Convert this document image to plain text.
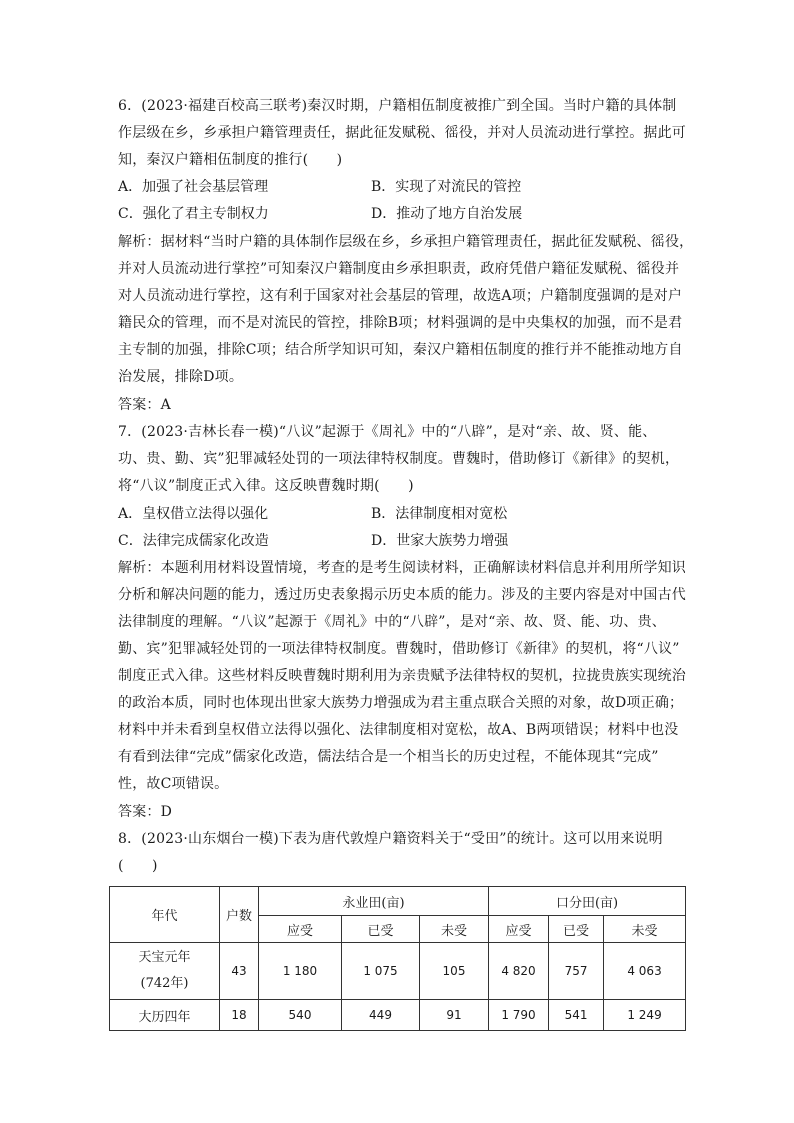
6．(2023·福建百校高三联考)秦汉时期，户籍相伍制度被推广到全国。当时户籍的具体制
作层级在乡，乡承担户籍管理责任，据此征发赋税、徭役，并对人员流动进行掌控。据此可
知，秦汉户籍相伍制度的推行(　　)
A．加强了社会基层管理	B．实现了对流民的管控
C．强化了君主专制权力	D．推动了地方自治发展
解析：据材料“当时户籍的具体制作层级在乡，乡承担户籍管理责任，据此征发赋税、徭役，
并对人员流动进行掌控”可知秦汉户籍制度由乡承担职责，政府凭借户籍征发赋税、徭役并
对人员流动进行掌控，这有利于国家对社会基层的管理，故选A项；户籍制度强调的是对户
籍民众的管理，而不是对流民的管控，排除B项；材料强调的是中央集权的加强，而不是君
主专制的加强，排除C项；结合所学知识可知，秦汉户籍相伍制度的推行并不能推动地方自
治发展，排除D项。
答案：A
7．(2023·吉林长春一模)“八议”起源于《周礼》中的“八辟”，是对“亲、故、贤、能、
功、贵、勤、宾”犯罪减轻处罚的一项法律特权制度。曹魏时，借助修订《新律》的契机，
将“八议”制度正式入律。这反映曹魏时期(　　)
A．皇权借立法得以强化	B．法律制度相对宽松
C．法律完成儒家化改造	D．世家大族势力增强
解析：本题利用材料设置情境，考查的是考生阅读材料，正确解读材料信息并利用所学知识
分析和解决问题的能力，透过历史表象揭示历史本质的能力。涉及的主要内容是对中国古代
法律制度的理解。“八议”起源于《周礼》中的“八辟”，是对“亲、故、贤、能、功、贵、
勤、宾”犯罪减轻处罚的一项法律特权制度。曹魏时，借助修订《新律》的契机，将“八议”
制度正式入律。这些材料反映曹魏时期利用为亲贵赋予法律特权的契机，拉拢贵族实现统治
的政治本质，同时也体现出世家大族势力增强成为君主重点联合关照的对象，故D项正确；
材料中并未看到皇权借立法得以强化、法律制度相对宽松，故A、B两项错误；材料中也没
有看到法律“完成”儒家化改造，儒法结合是一个相当长的历史过程，不能体现其“完成”
性，故C项错误。
答案：D
8．(2023·山东烟台一模)下表为唐代敦煌户籍资料关于“受田”的统计。这可以用来说明
(　　)
年代	户数	永业田(亩)			口分田(亩)		
		应受	已受	未受	应受	已受	未受

天宝元年
(742年)	43	1 180	1 075	105	4 820	757	4 063
大历四年	18	540	449	91	1 790	541	1 249
